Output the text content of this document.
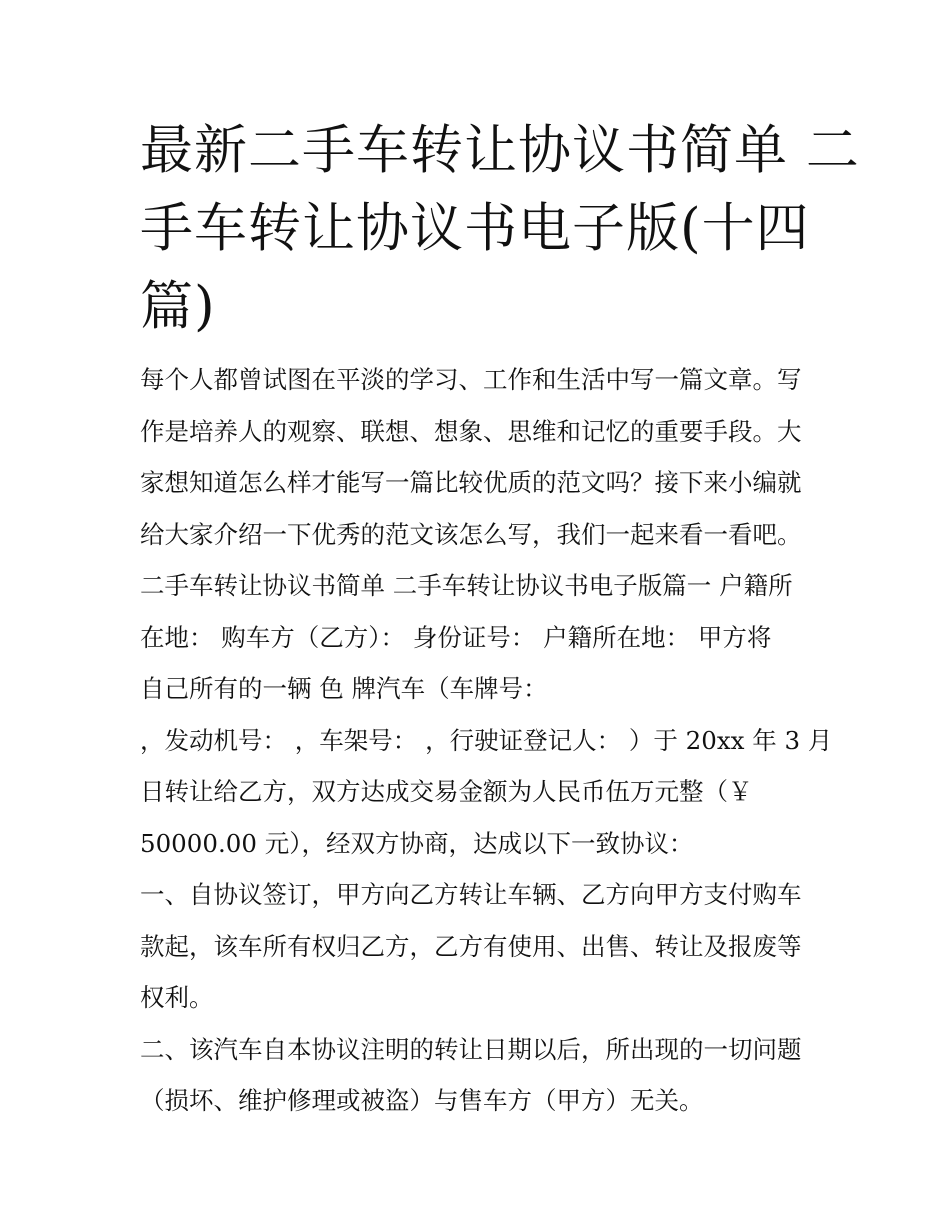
最新二手车转让协议书简单 二
手车转让协议书电子版(十四
篇)
每个人都曾试图在平淡的学习、工作和生活中写一篇文章。写
作是培养人的观察、联想、想象、思维和记忆的重要手段。大
家想知道怎么样才能写一篇比较优质的范文吗？接下来小编就
给大家介绍一下优秀的范文该怎么写，我们一起来看一看吧。
二手车转让协议书简单 二手车转让协议书电子版篇一 户籍所
在地： 购车方（乙方）： 身份证号： 户籍所在地： 甲方将
自己所有的一辆 色 牌汽车（车牌号：
，发动机号： ，车架号： ，行驶证登记人： ）于 20xx 年 3 月
日转让给乙方，双方达成交易金额为人民币伍万元整（￥
50000.00 元），经双方协商，达成以下一致协议：
一、自协议签订，甲方向乙方转让车辆、乙方向甲方支付购车
款起，该车所有权归乙方，乙方有使用、出售、转让及报废等
权利。
二、该汽车自本协议注明的转让日期以后，所出现的一切问题
（损坏、维护修理或被盗）与售车方（甲方）无关。
